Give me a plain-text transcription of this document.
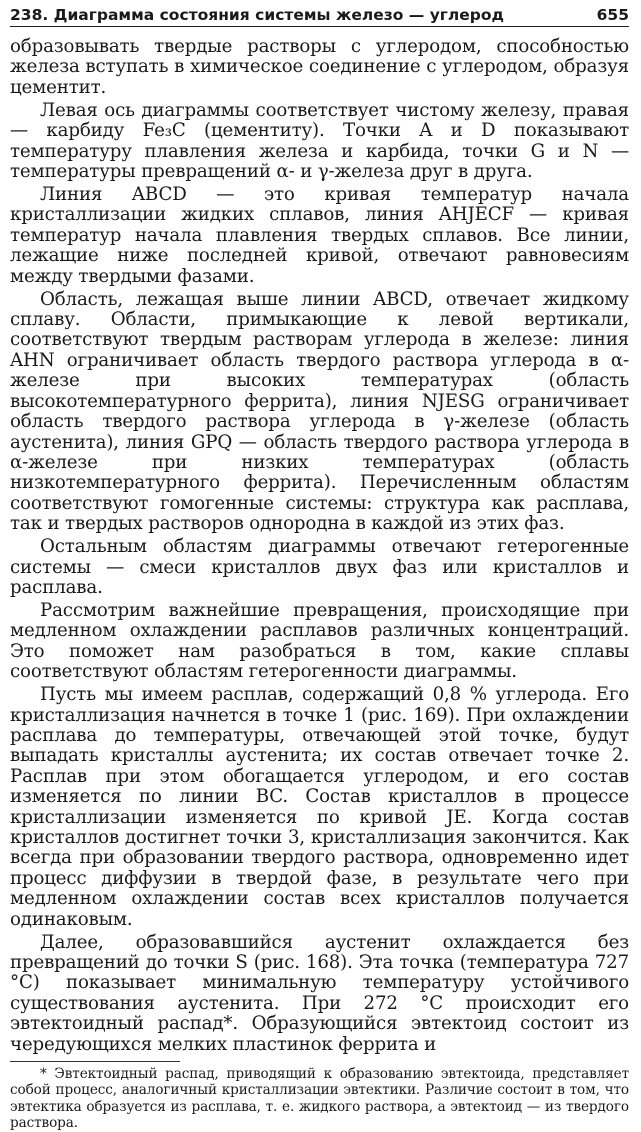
238. Диаграмма состояния системы железо — углерод	655

образовывать твердые растворы с углеродом, способностью железа вступать в химическое соединение с углеродом, образуя цементит.

Левая ось диаграммы соответствует чистому железу, правая — карбиду Fe₃C (цементиту). Точки A и D показывают температуру плавления железа и карбида, точки G и N — температуры превращений α- и γ-железа друг в друга.

Линия ABCD — это кривая температур начала кристаллизации жидких сплавов, линия AHJECF — кривая температур начала плавления твердых сплавов. Все линии, лежащие ниже последней кривой, отвечают равновесиям между твердыми фазами.

Область, лежащая выше линии ABCD, отвечает жидкому сплаву. Области, примыкающие к левой вертикали, соответствуют твердым растворам углерода в железе: линия AHN ограничивает область твердого раствора углерода в α-железе при высоких температурах (область высокотемпературного феррита), линия NJESG ограничивает область твердого раствора углерода в γ-железе (область аустенита), линия GPQ — область твердого раствора углерода в α-железе при низких температурах (область низкотемпературного феррита). Перечисленным областям соответствуют гомогенные системы: структура как расплава, так и твердых растворов однородна в каждой из этих фаз.

Остальным областям диаграммы отвечают гетерогенные системы — смеси кристаллов двух фаз или кристаллов и расплава.

Рассмотрим важнейшие превращения, происходящие при медленном охлаждении расплавов различных концентраций. Это поможет нам разобраться в том, какие сплавы соответствуют областям гетерогенности диаграммы.

Пусть мы имеем расплав, содержащий 0,8 % углерода. Его кристаллизация начнется в точке 1 (рис. 169). При охлаждении расплава до температуры, отвечающей этой точке, будут выпадать кристаллы аустенита; их состав отвечает точке 2. Расплав при этом обогащается углеродом, и его состав изменяется по линии BC. Состав кристаллов в процессе кристаллизации изменяется по кривой JE. Когда состав кристаллов достигнет точки 3, кристаллизация закончится. Как всегда при образовании твердого раствора, одновременно идет процесс диффузии в твердой фазе, в результате чего при медленном охлаждении состав всех кристаллов получается одинаковым.

Далее, образовавшийся аустенит охлаждается без превращений до точки S (рис. 168). Эта точка (температура 727 °C) показывает минимальную температуру устойчивого существования аустенита. При 272 °C происходит его эвтектоидный распад*. Образующийся эвтектоид состоит из чередующихся мелких пластинок феррита и

* Эвтектоидный распад, приводящий к образованию эвтектоида, представляет собой процесс, аналогичный кристаллизации эвтектики. Различие состоит в том, что эвтектика образуется из расплава, т. е. жидкого раствора, а эвтектоид — из твердого раствора.
